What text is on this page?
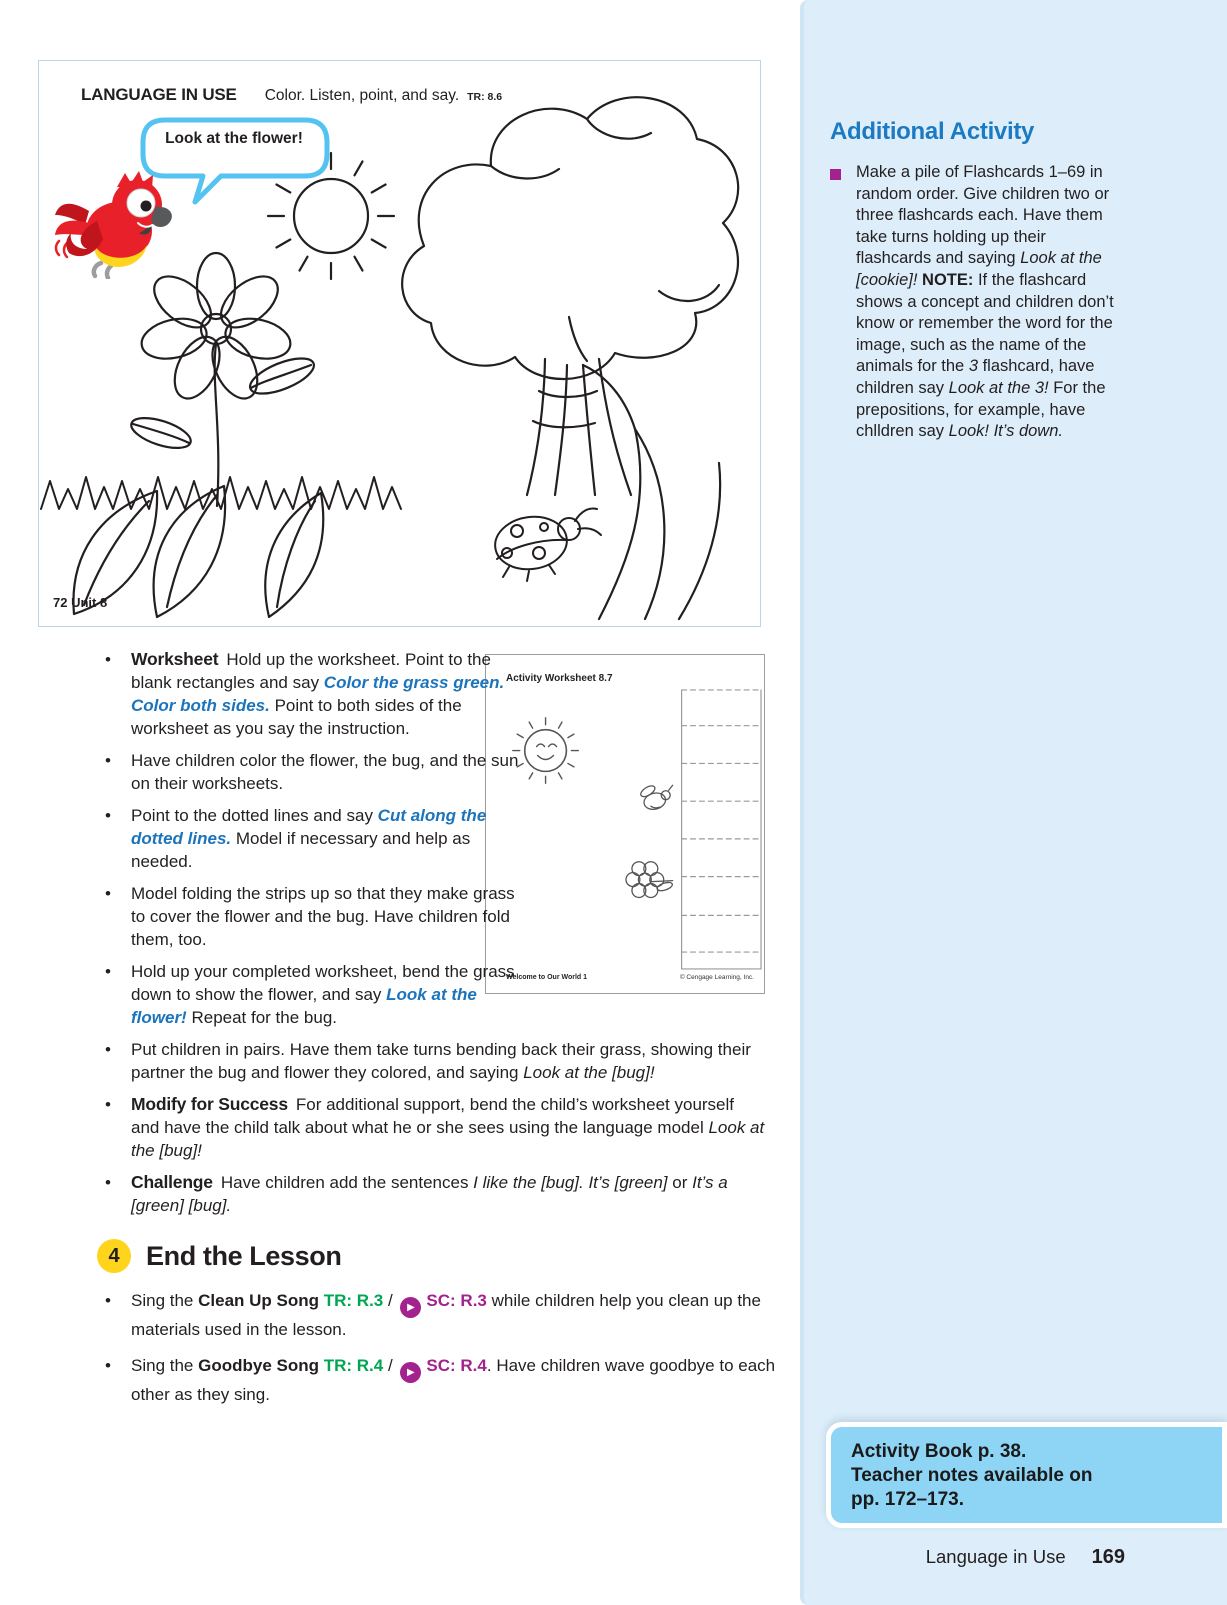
Additional Activity
Make a pile of Flashcards 1–69 in random order. Give children two or three flashcards each. Have them take turns holding up their flashcards and saying Look at the [cookie]! NOTE: If the flashcard shows a concept and children don’t know or remember the word for the image, such as the name of the animals for the 3 flashcard, have children say Look at the 3! For the prepositions, for example, have chlldren say Look! It’s down.
Activity Book p. 38.
Teacher notes available on
pp. 172–173.
Language in Use 169
LANGUAGE IN USE Color. Listen, point, and say. TR: 8.6
Look at the flower!
72 Unit 8
Activity Worksheet 8.7
Welcome to Our World 1	© Cengage Learning, Inc.
• Worksheet Hold up the worksheet. Point to the blank rectangles and say Color the grass green. Color both sides. Point to both sides of the worksheet as you say the instruction.
• Have children color the flower, the bug, and the sun on their worksheets.
• Point to the dotted lines and say Cut along the dotted lines. Model if necessary and help as needed.
• Model folding the strips up so that they make grass to cover the flower and the bug. Have children fold them, too.
• Hold up your completed worksheet, bend the grass down to show the flower, and say Look at the flower! Repeat for the bug.
• Put children in pairs. Have them take turns bending back their grass, showing their partner the bug and flower they colored, and saying Look at the [bug]!
• Modify for Success For additional support, bend the child’s worksheet yourself and have the child talk about what he or she sees using the language model Look at the [bug]!
• Challenge Have children add the sentences I like the [bug]. It’s [green] or It’s a [green] [bug].
4 End the Lesson
• Sing the Clean Up Song TR: R.3 / ▶ SC: R.3 while children help you clean up the materials used in the lesson.
• Sing the Goodbye Song TR: R.4 / ▶ SC: R.4. Have children wave goodbye to each other as they sing.
